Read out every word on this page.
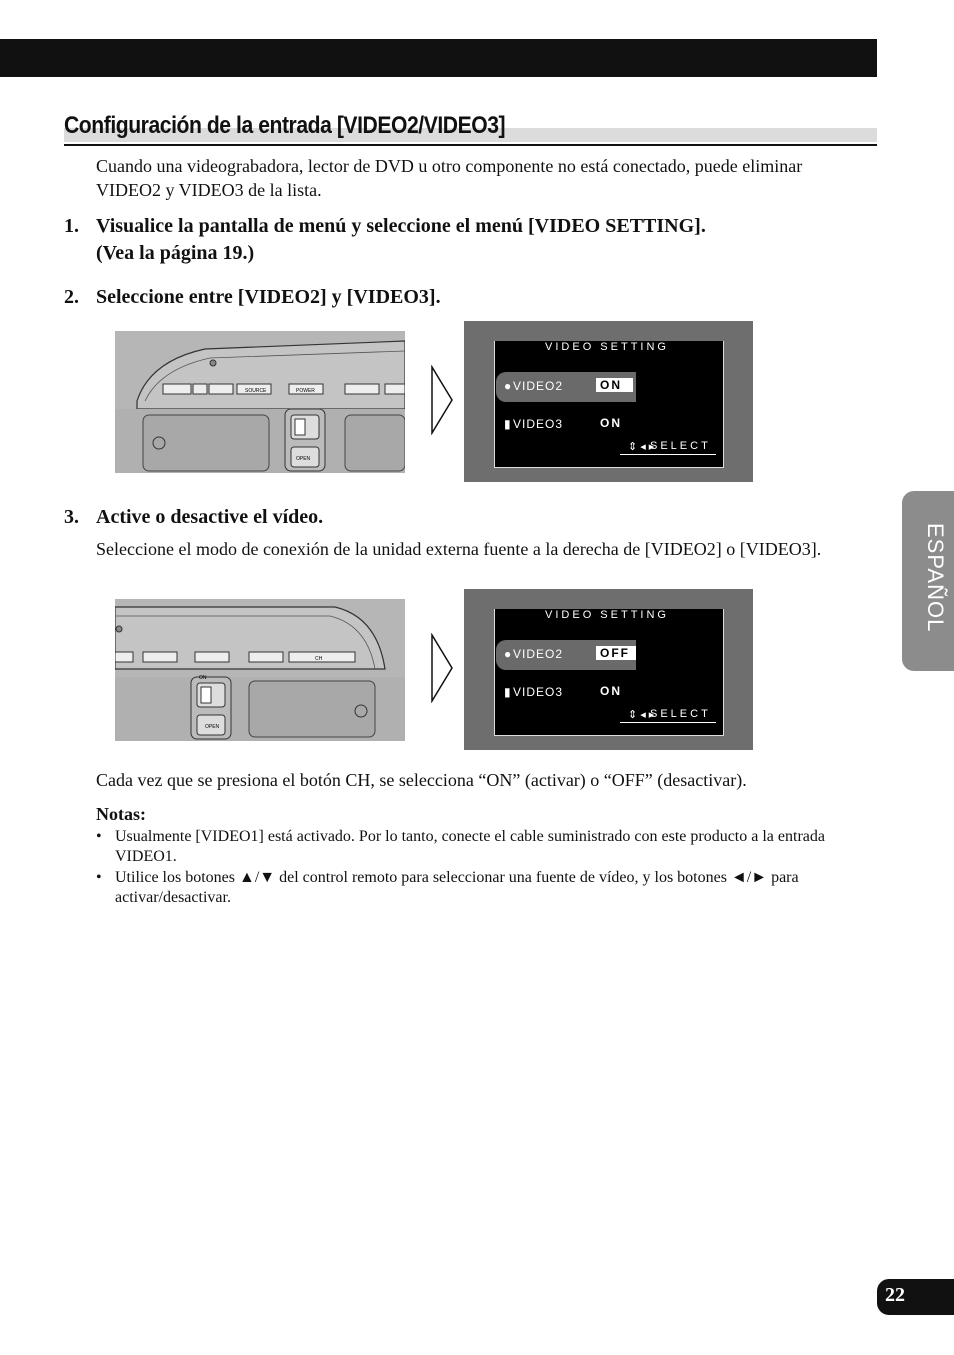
Configuración de la entrada [VIDEO2/VIDEO3]

Cuando una videograbadora, lector de DVD u otro componente no está conectado, puede eliminar VIDEO2 y VIDEO3 de la lista.

1. Visualice la pantalla de menú y seleccione el menú [VIDEO SETTING].
(Vea la página 19.)
2. Seleccione entre [VIDEO2] y [VIDEO3].
SOURCE	POWER
OPEN
VIDEO SETTING
● VIDEO2	ON
▮ VIDEO3	ON
⇕◂▸
SELECT
3. Active o desactive el vídeo.

Seleccione el modo de conexión de la unidad externa fuente a la derecha de [VIDEO2] o [VIDEO3].

CH
ON
OPEN
VIDEO SETTING
● VIDEO2	OFF
▮ VIDEO3	ON
⇕◂▸
SELECT

Cada vez que se presiona el botón CH, se selecciona “ON” (activar) o “OFF” (desactivar).

Notas:
• Usualmente [VIDEO1] está activado. Por lo tanto, conecte el cable suministrado con este producto a la entrada VIDEO1.
• Utilice los botones ▲/▼ del control remoto para seleccionar una fuente de vídeo, y los botones ◄/► para activar/desactivar.
ESPAÑOL
22
